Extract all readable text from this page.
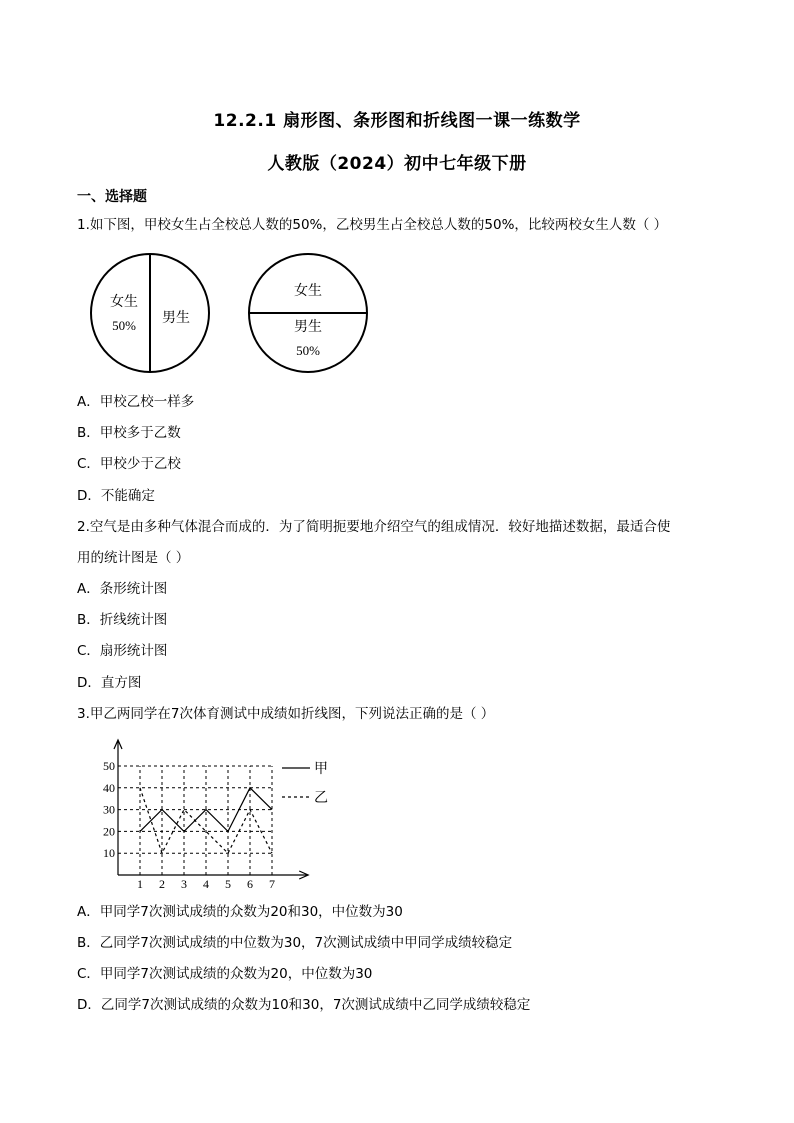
12.2.1 扇形图、条形图和折线图一课一练数学
人教版（2024）初中七年级下册
一、选择题
1.如下图，甲校女生占全校总人数的50%，乙校男生占全校总人数的50%，比较两校女生人数（ ）
女生
50% 男生
女生
男生
50%
A．甲校乙校一样多
B．甲校多于乙数
C．甲校少于乙校
D．不能确定
2.空气是由多种气体混合而成的．为了简明扼要地介绍空气的组成情况．较好地描述数据，最适合使
用的统计图是（ ）
A．条形统计图
B．折线统计图
C．扇形统计图
D．直方图
3.甲乙两同学在7次体育测试中成绩如折线图，下列说法正确的是（ ）
10
20
30
40
50
1 2 3 4 5 6 7
甲
乙
A．甲同学7次测试成绩的众数为20和30，中位数为30
B．乙同学7次测试成绩的中位数为30，7次测试成绩中甲同学成绩较稳定
C．甲同学7次测试成绩的众数为20，中位数为30
D．乙同学7次测试成绩的众数为10和30，7次测试成绩中乙同学成绩较稳定
